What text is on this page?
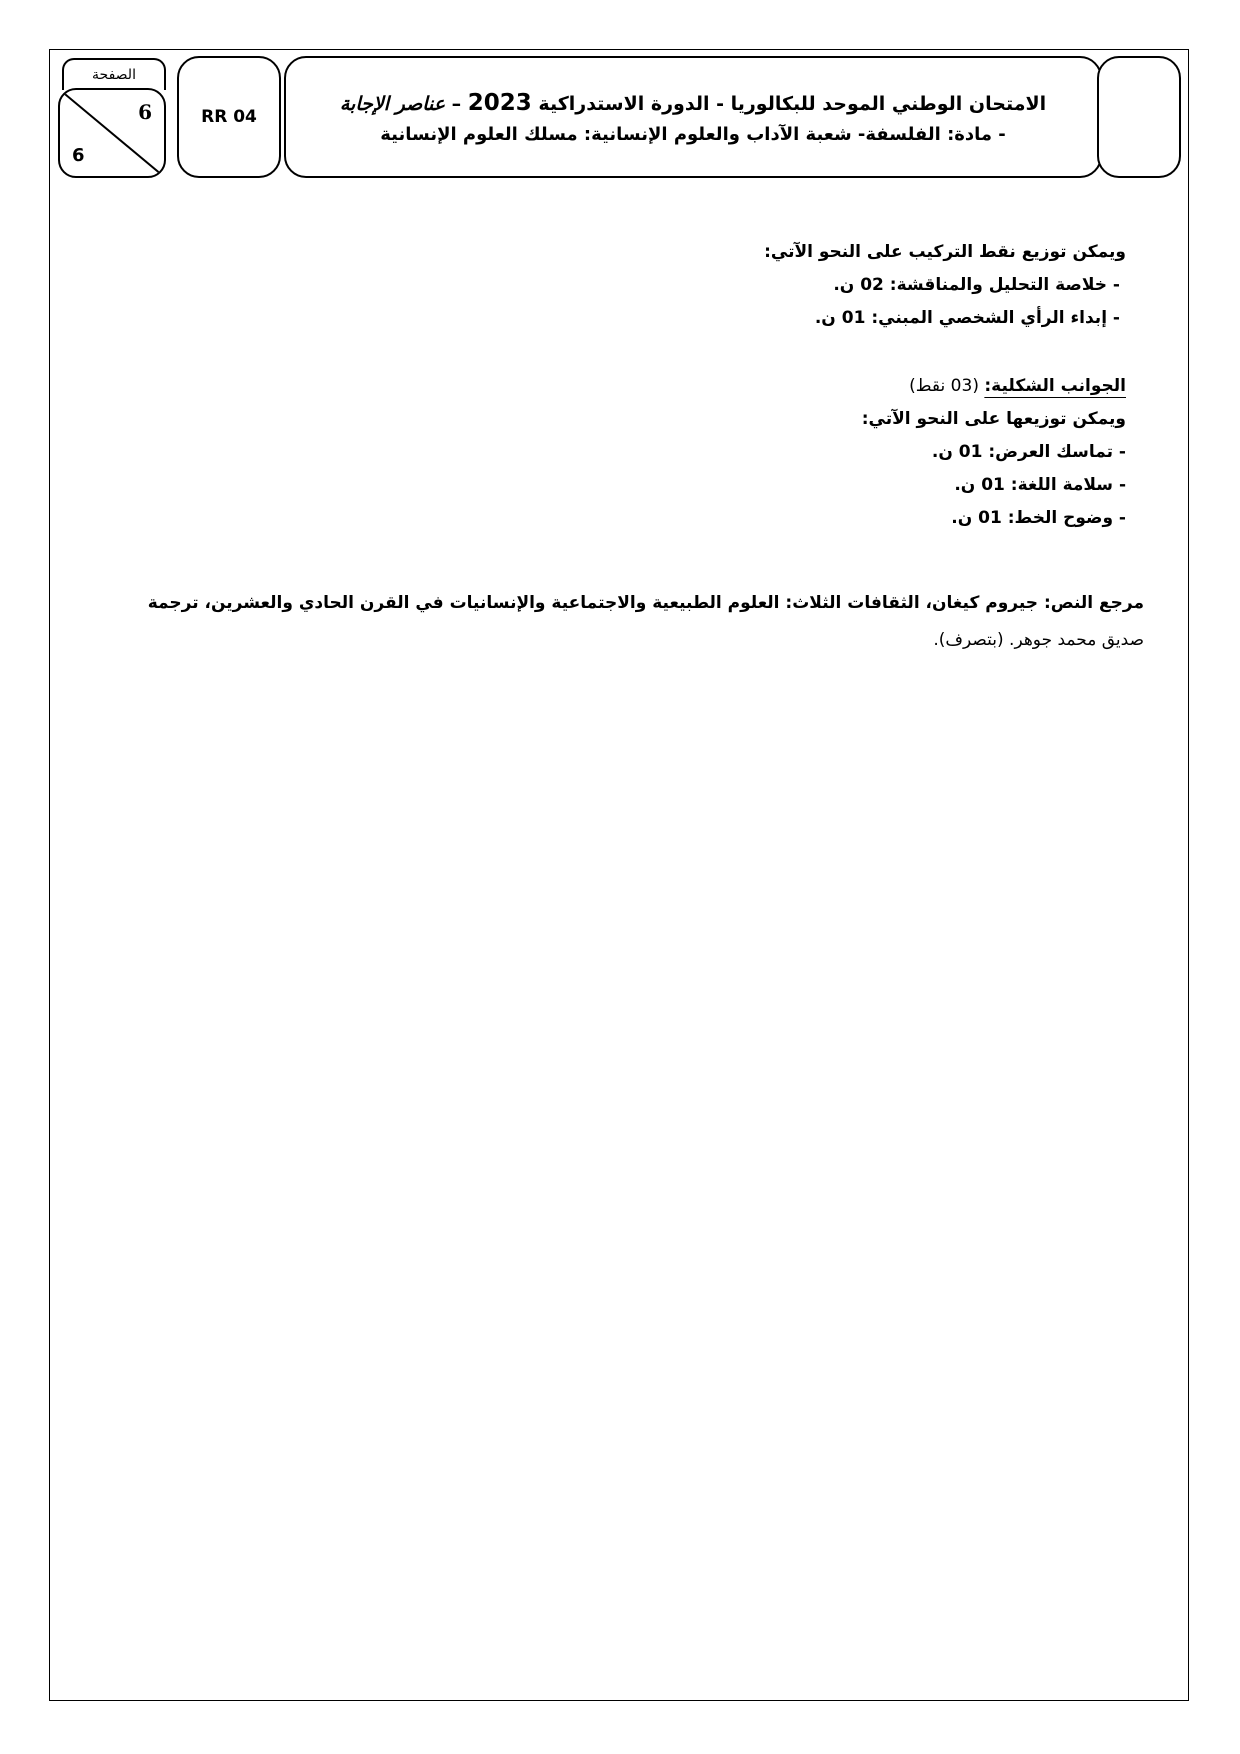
الصفحة
6
6
RR 04
الامتحان الوطني الموحد للبكالوريا - الدورة الاستدراكية 2023 – عناصر الإجابة
- مادة: الفلسفة- شعبة الآداب والعلوم الإنسانية: مسلك العلوم الإنسانية
ويمكن توزيع نقط التركيب على النحو الآتي:
- خلاصة التحليل والمناقشة: 02 ن.
- إبداء الرأي الشخصي المبني: 01 ن.
الجوانب الشكلية: (03 نقط)
ويمكن توزيعها على النحو الآتي:
- تماسك العرض: 01 ن.
- سلامة اللغة: 01 ن.
- وضوح الخط: 01 ن.
مرجع النص: جيروم كيغان، الثقافات الثلاث: العلوم الطبيعية والاجتماعية والإنسانيات في القرن الحادي والعشرين، ترجمة
صديق محمد جوهر. (بتصرف).
